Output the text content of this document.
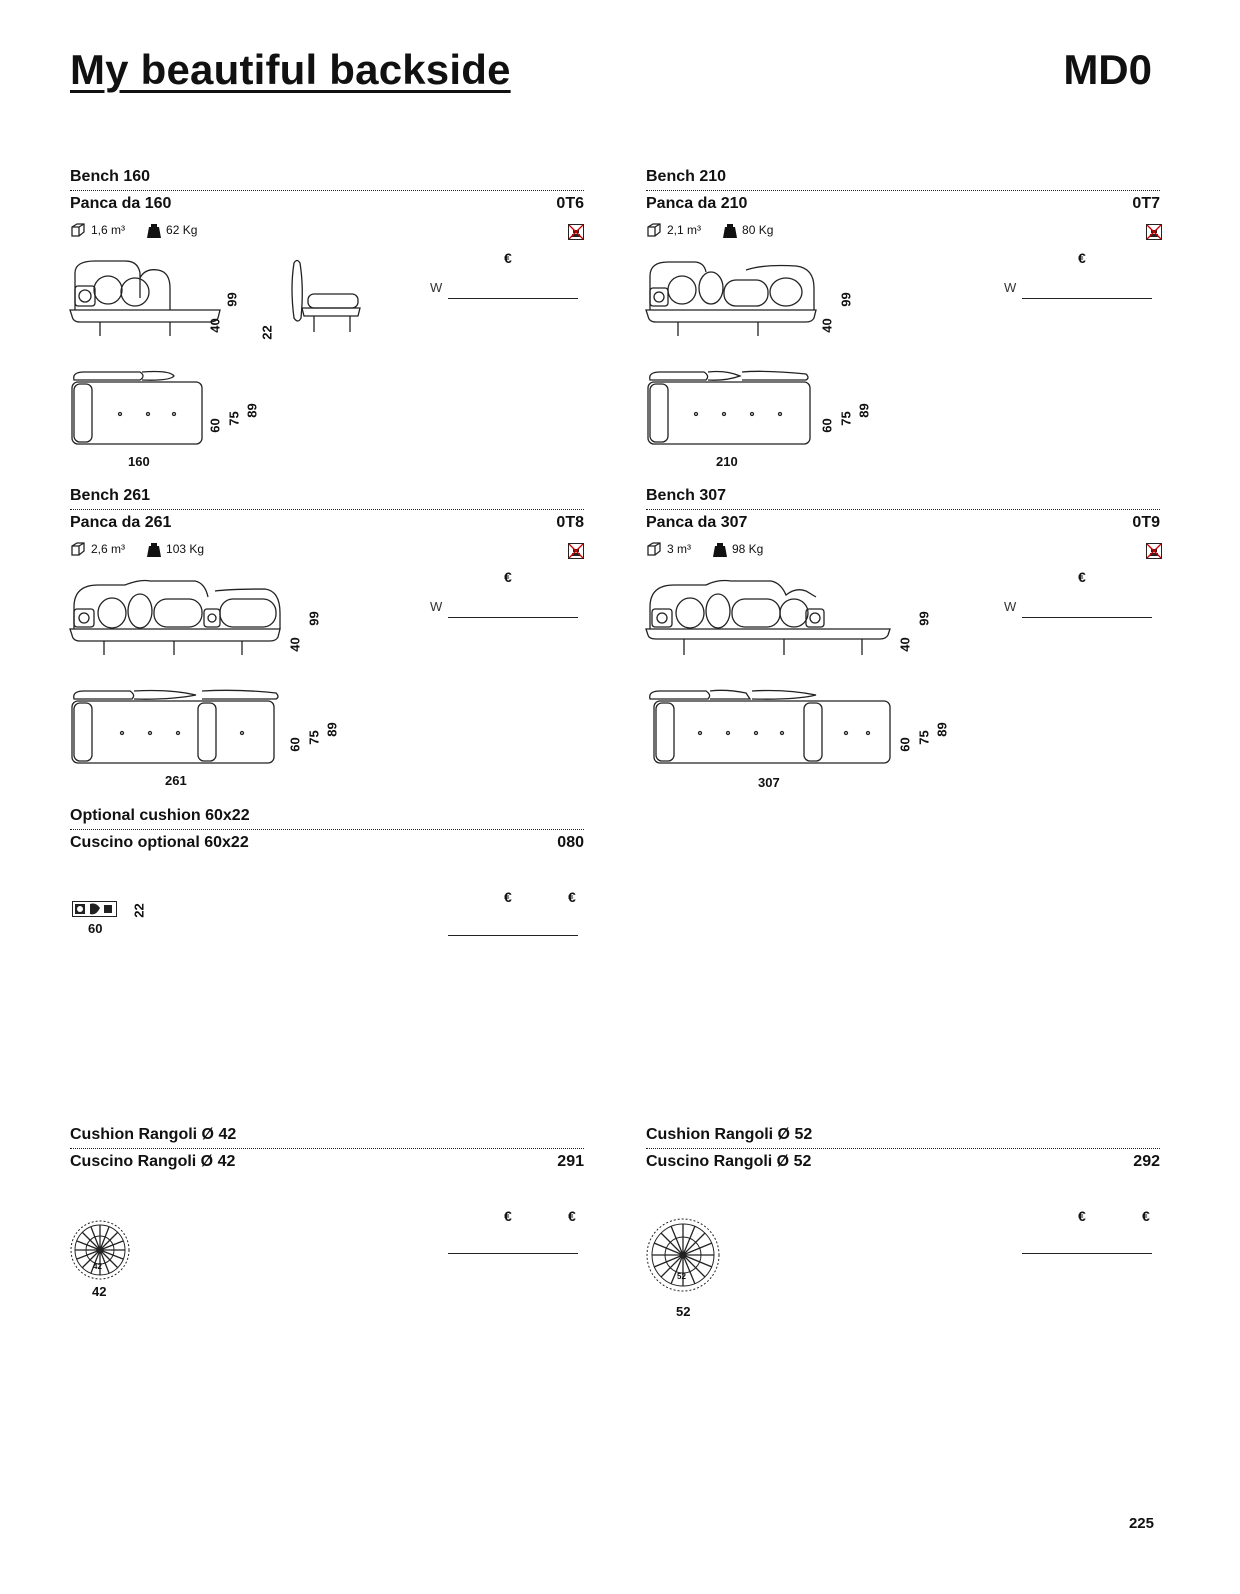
My beautiful backside	MD0
Bench 160
Panca da 160	0T6
1,6 m³	62 Kg
€
W
40
99
22
60 75
89
160
Bench 210
Panca da 210	0T7
2,1 m³	80 Kg
€
W
40
99
60 75
89
210
Bench 261
Panca da 261	0T8
2,6 m³	103 Kg
€
W
40
99
60 75
89
261
Bench 307
Panca da 307	0T9
3 m³	98 Kg
€
W
40
99
60 75
89
307
Optional cushion 60x22
Cuscino optional 60x22	080
€	€
22
60
Cushion Rangoli Ø 42
Cuscino Rangoli Ø 42	291
€	€
42
42
Cushion Rangoli Ø 52
Cuscino Rangoli Ø 52	292
€	€
52
52
225
